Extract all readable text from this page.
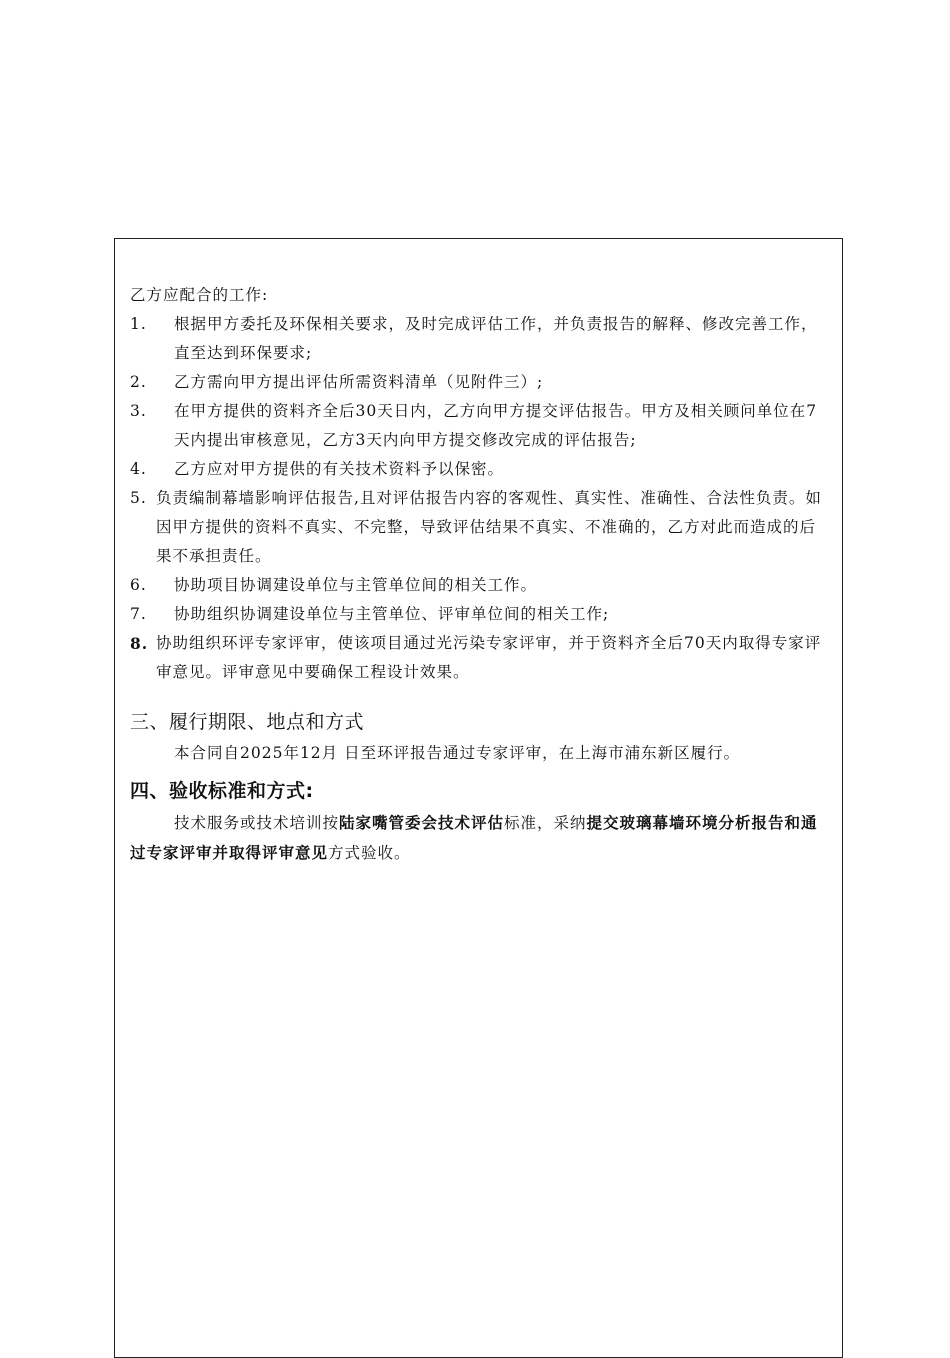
乙方应配合的工作:
1. 根据甲方委托及环保相关要求，及时完成评估工作，并负责报告的解释、修改完善工作，直至达到环保要求;
2. 乙方需向甲方提出评估所需资料清单（见附件三）;
3. 在甲方提供的资料齐全后30天日内，乙方向甲方提交评估报告。甲方及相关顾问单位在7天内提出审核意见，乙方3天内向甲方提交修改完成的评估报告;
4. 乙方应对甲方提供的有关技术资料予以保密。
5. 负责编制幕墙影响评估报告,且对评估报告内容的客观性、真实性、准确性、合法性负责。如因甲方提供的资料不真实、不完整，导致评估结果不真实、不准确的，乙方对此而造成的后果不承担责任。
6. 协助项目协调建设单位与主管单位间的相关工作。
7. 协助组织协调建设单位与主管单位、评审单位间的相关工作;
8. 协助组织环评专家评审，使该项目通过光污染专家评审，并于资料齐全后70天内取得专家评审意见。评审意见中要确保工程设计效果。
三、履行期限、地点和方式
本合同自2025年12月 日至环评报告通过专家评审，在上海市浦东新区履行。
四、验收标准和方式:
技术服务或技术培训按陆家嘴管委会技术评估标准，采纳提交玻璃幕墙环境分析报告和通过专家评审并取得评审意见方式验收。
